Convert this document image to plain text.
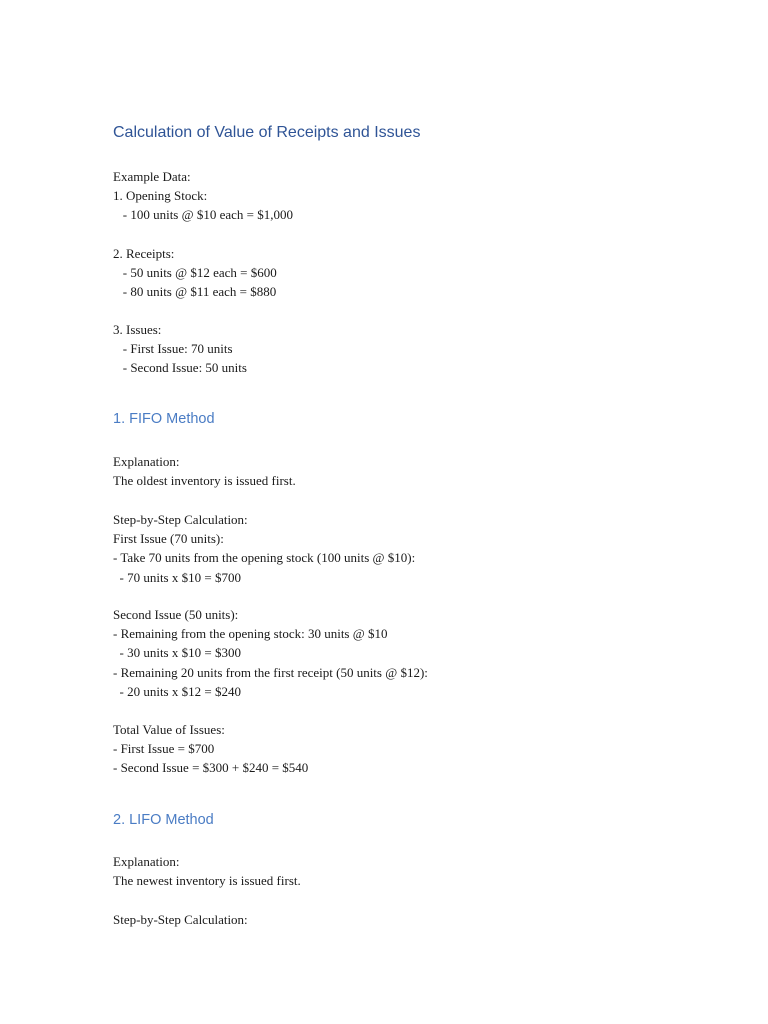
Calculation of Value of Receipts and Issues
Example Data:
1. Opening Stock:
- 100 units @ $10 each = $1,000
2. Receipts:
- 50 units @ $12 each = $600
- 80 units @ $11 each = $880
3. Issues:
- First Issue: 70 units
- Second Issue: 50 units
1. FIFO Method
Explanation:
The oldest inventory is issued first.
Step-by-Step Calculation:
First Issue (70 units):
- Take 70 units from the opening stock (100 units @ $10):
- 70 units x $10 = $700
Second Issue (50 units):
- Remaining from the opening stock: 30 units @ $10
- 30 units x $10 = $300
- Remaining 20 units from the first receipt (50 units @ $12):
- 20 units x $12 = $240
Total Value of Issues:
- First Issue = $700
- Second Issue = $300 + $240 = $540
2. LIFO Method
Explanation:
The newest inventory is issued first.
Step-by-Step Calculation:
